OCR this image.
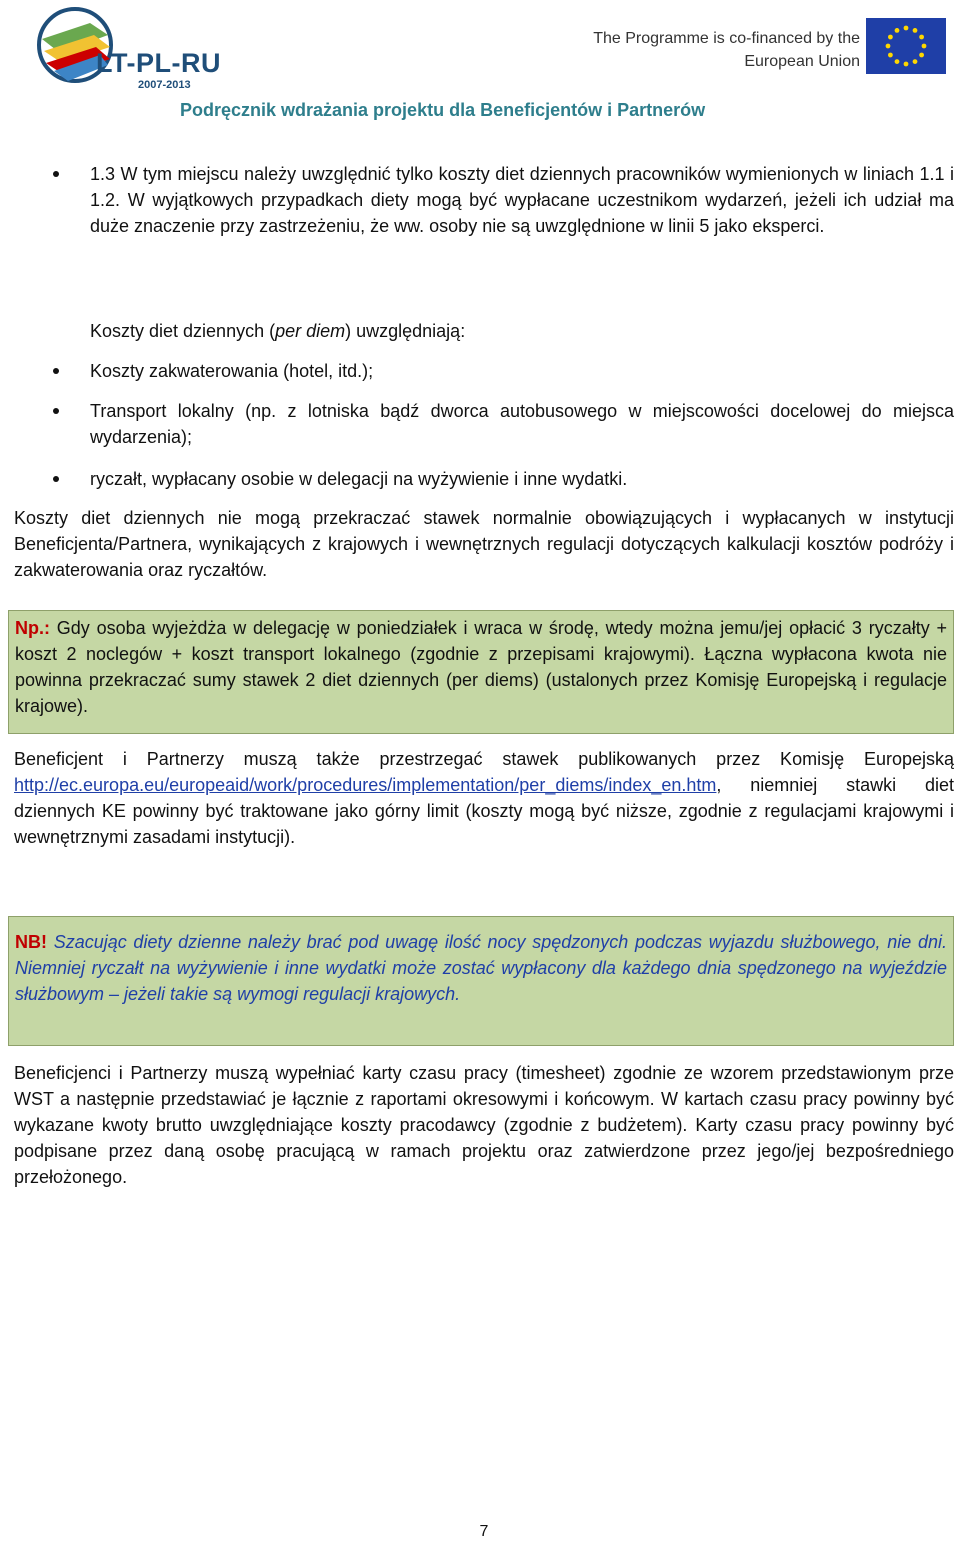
LT-PL-RU
2007-2013
The Programme is co-financed by the
European Union
Podręcznik wdrażania projektu dla Beneficjentów i Partnerów
1.3 W tym miejscu należy uwzględnić tylko koszty diet dziennych pracowników wymienionych w liniach 1.1 i 1.2. W wyjątkowych przypadkach diety mogą być wypłacane uczestnikom wydarzeń, jeżeli ich udział ma duże znaczenie przy zastrzeżeniu, że ww. osoby nie są uwzględnione w linii 5 jako eksperci.
Koszty diet dziennych (per diem) uwzględniają:
Koszty zakwaterowania (hotel, itd.);
Transport lokalny (np. z lotniska bądź dworca autobusowego w miejscowości docelowej do miejsca wydarzenia);
ryczałt, wypłacany osobie w delegacji na wyżywienie i inne wydatki.
Koszty diet dziennych nie mogą przekraczać stawek normalnie obowiązujących i wypłacanych w instytucji Beneficjenta/Partnera, wynikających z krajowych i wewnętrznych regulacji dotyczących kalkulacji kosztów podróży i zakwaterowania oraz ryczałtów.
Np.: Gdy osoba wyjeżdża w delegację w poniedziałek i wraca w środę, wtedy można jemu/jej opłacić 3 ryczałty + koszt 2 noclegów + koszt transport lokalnego (zgodnie z przepisami krajowymi). Łączna wypłacona kwota nie powinna przekraczać sumy stawek 2 diet dziennych (per diems) (ustalonych przez Komisję Europejską i regulacje krajowe).
Beneficjent i Partnerzy muszą także przestrzegać stawek publikowanych przez Komisję Europejską http://ec.europa.eu/europeaid/work/procedures/implementation/per_diems/index_en.htm, niemniej stawki diet dziennych KE powinny być traktowane jako górny limit (koszty mogą być niższe, zgodnie z regulacjami krajowymi i wewnętrznymi zasadami instytucji).
NB! Szacując diety dzienne należy brać pod uwagę ilość nocy spędzonych podczas wyjazdu służbowego, nie dni. Niemniej ryczałt na wyżywienie i inne wydatki może zostać wypłacony dla każdego dnia spędzonego na wyjeździe służbowym – jeżeli takie są wymogi regulacji krajowych.
Beneficjenci i Partnerzy muszą wypełniać karty czasu pracy (timesheet) zgodnie ze wzorem przedstawionym prze WST a następnie przedstawiać je łącznie z raportami okresowymi i końcowym. W kartach czasu pracy powinny być wykazane kwoty brutto uwzględniające koszty pracodawcy (zgodnie z budżetem). Karty czasu pracy powinny być podpisane przez daną osobę pracującą w ramach projektu oraz zatwierdzone przez jego/jej bezpośredniego przełożonego.
7
